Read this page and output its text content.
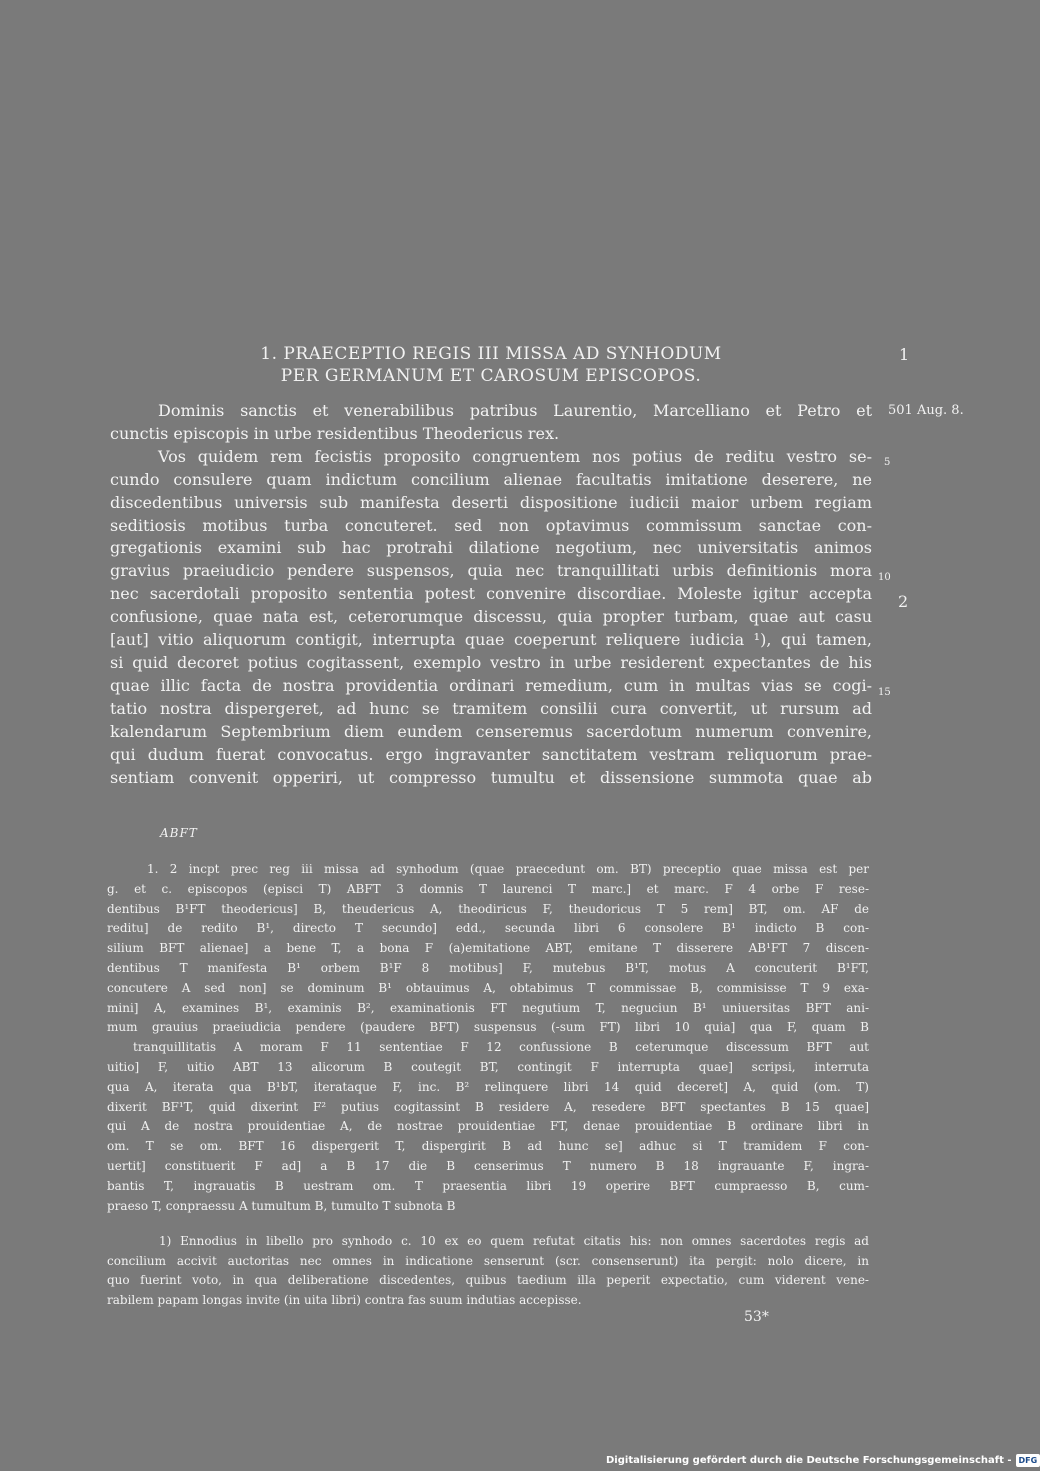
1. PRAECEPTIO REGIS III MISSA AD SYNHODUM
PER GERMANUM ET CAROSUM EPISCOPOS.
1
501 Aug. 8.
5
10
2
15
Dominis sanctis et venerabilibus patribus Laurentio, Marcelliano et Petro et
cunctis episcopis in urbe residentibus Theodericus rex.
Vos quidem rem fecistis proposito congruentem nos potius de reditu vestro se-
cundo consulere quam indictum concilium alienae facultatis imitatione deserere, ne
discedentibus universis sub manifesta deserti dispositione iudicii maior urbem regiam
seditiosis motibus turba concuteret. sed non optavimus commissum sanctae con-
gregationis examini sub hac protrahi dilatione negotium, nec universitatis animos
gravius praeiudicio pendere suspensos, quia nec tranquillitati urbis definitionis mora
nec sacerdotali proposito sententia potest convenire discordiae. Moleste igitur accepta
confusione, quae nata est, ceterorumque discessu, quia propter turbam, quae aut casu
[aut] vitio aliquorum contigit, interrupta quae coeperunt reliquere iudicia ¹), qui tamen,
si quid decoret potius cogitassent, exemplo vestro in urbe residerent expectantes de his
quae illic facta de nostra providentia ordinari remedium, cum in multas vias se cogi-
tatio nostra dispergeret, ad hunc se tramitem consilii cura convertit, ut rursum ad
kalendarum Septembrium diem eundem censeremus sacerdotum numerum convenire,
qui dudum fuerat convocatus. ergo ingravanter sanctitatem vestram reliquorum prae-
sentiam convenit opperiri, ut compresso tumultu et dissensione summota quae ab
ABFT
1. 2 incpt prec reg iii missa ad synhodum (quae praecedunt om. BT) preceptio quae missa est per
g. et c. episcopos (episci T) ABFT 3 domnis T laurenci T marc.] et marc. F 4 orbe F rese-
dentibus B¹FT theodericus] B, theudericus A, theodiricus F, theudoricus T 5 rem] BT, om. AF de
reditu] de redito B¹, directo T secundo] edd., secunda libri 6 consolere B¹ indicto B con-
silium BFT alienae] a bene T, a bona F (a)emitatione ABT, emitane T disserere AB¹FT 7 discen-
dentibus T manifesta B¹ orbem B¹F 8 motibus] F, mutebus B¹T, motus A concuterit B¹FT,
concutere A sed non] se dominum B¹ obtauimus A, obtabimus T commissae B, commisisse T 9 exa-
mini] A, examines B¹, examinis B², examinationis FT negutium T, neguciun B¹ uniuersitas BFT ani-
mum grauius praeiudicia pendere (paudere BFT) suspensus (-sum FT) libri 10 quia] qua F, quam B
tranquillitatis A moram F 11 sententiae F 12 confussione B ceterumque discessum BFT aut
uitio] F, uitio ABT 13 alicorum B coutegit BT, contingit F interrupta quae] scripsi, interruta
qua A, iterata qua B¹bT, iterataque F, inc. B² relinquere libri 14 quid deceret] A, quid (om. T)
dixerit BF¹T, quid dixerint F² putius cogitassint B residere A, resedere BFT spectantes B 15 quae]
qui A de nostra prouidentiae A, de nostrae prouidentiae FT, denae prouidentiae B ordinare libri in
om. T se om. BFT 16 dispergerit T, dispergirit B ad hunc se] adhuc si T tramidem F con-
uertit] constituerit F ad] a B 17 die B censerimus T numero B 18 ingrauante F, ingra-
bantis T, ingrauatis B uestram om. T praesentia libri 19 operire BFT cumpraesso B, cum-
praeso T, conpraessu A tumultum B, tumulto T subnota B
1) Ennodius in libello pro synhodo c. 10 ex eo quem refutat citatis his: non omnes sacerdotes regis ad
concilium accivit auctoritas nec omnes in indicatione senserunt (scr. consenserunt) ita pergit: nolo dicere, in
quo fuerint voto, in qua deliberatione discedentes, quibus taedium illa peperit expectatio, cum viderent vene-
rabilem papam longas invite (in uita libri) contra fas suum indutias accepisse.
53*
Digitalisierung gefördert durch die Deutsche Forschungsgemeinschaft - DFG
